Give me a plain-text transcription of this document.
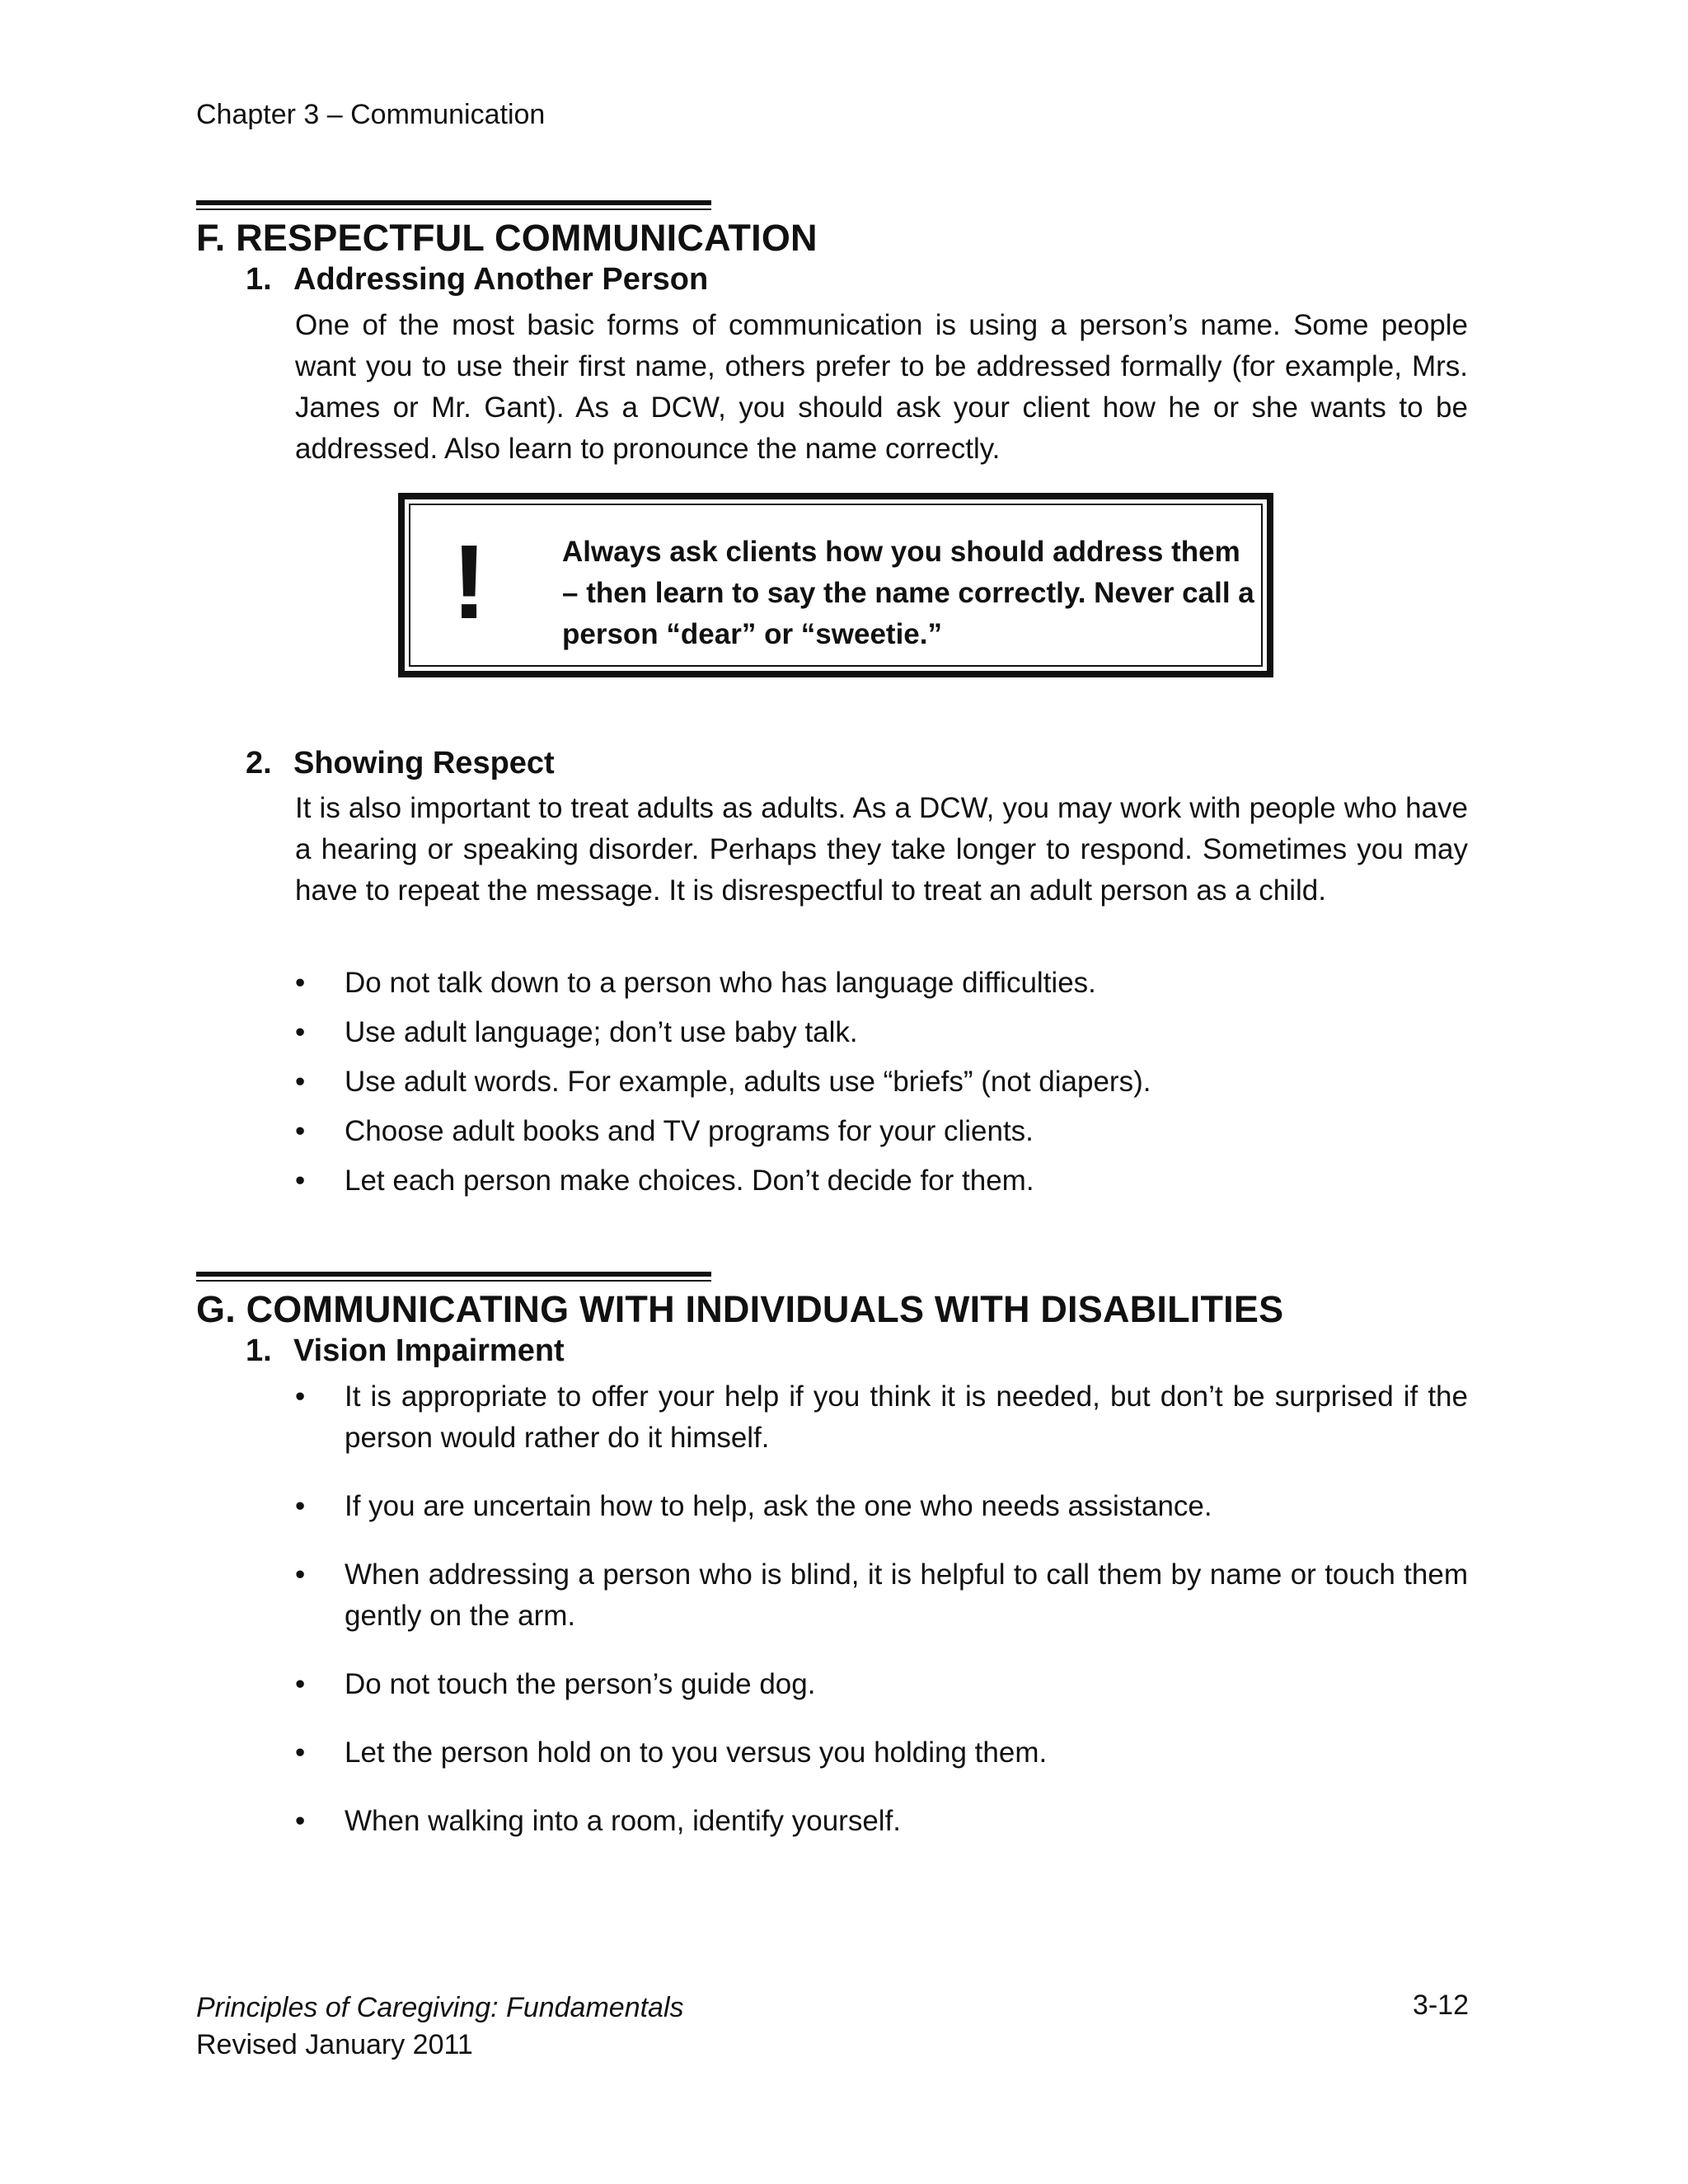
Chapter 3 – Communication
F. RESPECTFUL COMMUNICATION
1. Addressing Another Person
One of the most basic forms of communication is using a person’s name. Some people want you to use their first name, others prefer to be addressed formally (for example, Mrs. James or Mr. Gant). As a DCW, you should ask your client how he or she wants to be addressed. Also learn to pronounce the name correctly.
!	Always ask clients how you should address them – then learn to say the name correctly. Never call a person “dear” or “sweetie.”
2. Showing Respect
It is also important to treat adults as adults. As a DCW, you may work with people who have a hearing or speaking disorder. Perhaps they take longer to respond. Sometimes you may have to repeat the message. It is disrespectful to treat an adult person as a child.
• Do not talk down to a person who has language difficulties.
• Use adult language; don’t use baby talk.
• Use adult words. For example, adults use “briefs” (not diapers).
• Choose adult books and TV programs for your clients.
• Let each person make choices. Don’t decide for them.
G. COMMUNICATING WITH INDIVIDUALS WITH DISABILITIES
1. Vision Impairment
• It is appropriate to offer your help if you think it is needed, but don’t be surprised if the person would rather do it himself.
• If you are uncertain how to help, ask the one who needs assistance.
• When addressing a person who is blind, it is helpful to call them by name or touch them gently on the arm.
• Do not touch the person’s guide dog.
• Let the person hold on to you versus you holding them.
• When walking into a room, identify yourself.
Principles of Caregiving: Fundamentals
Revised January 2011
3-12
